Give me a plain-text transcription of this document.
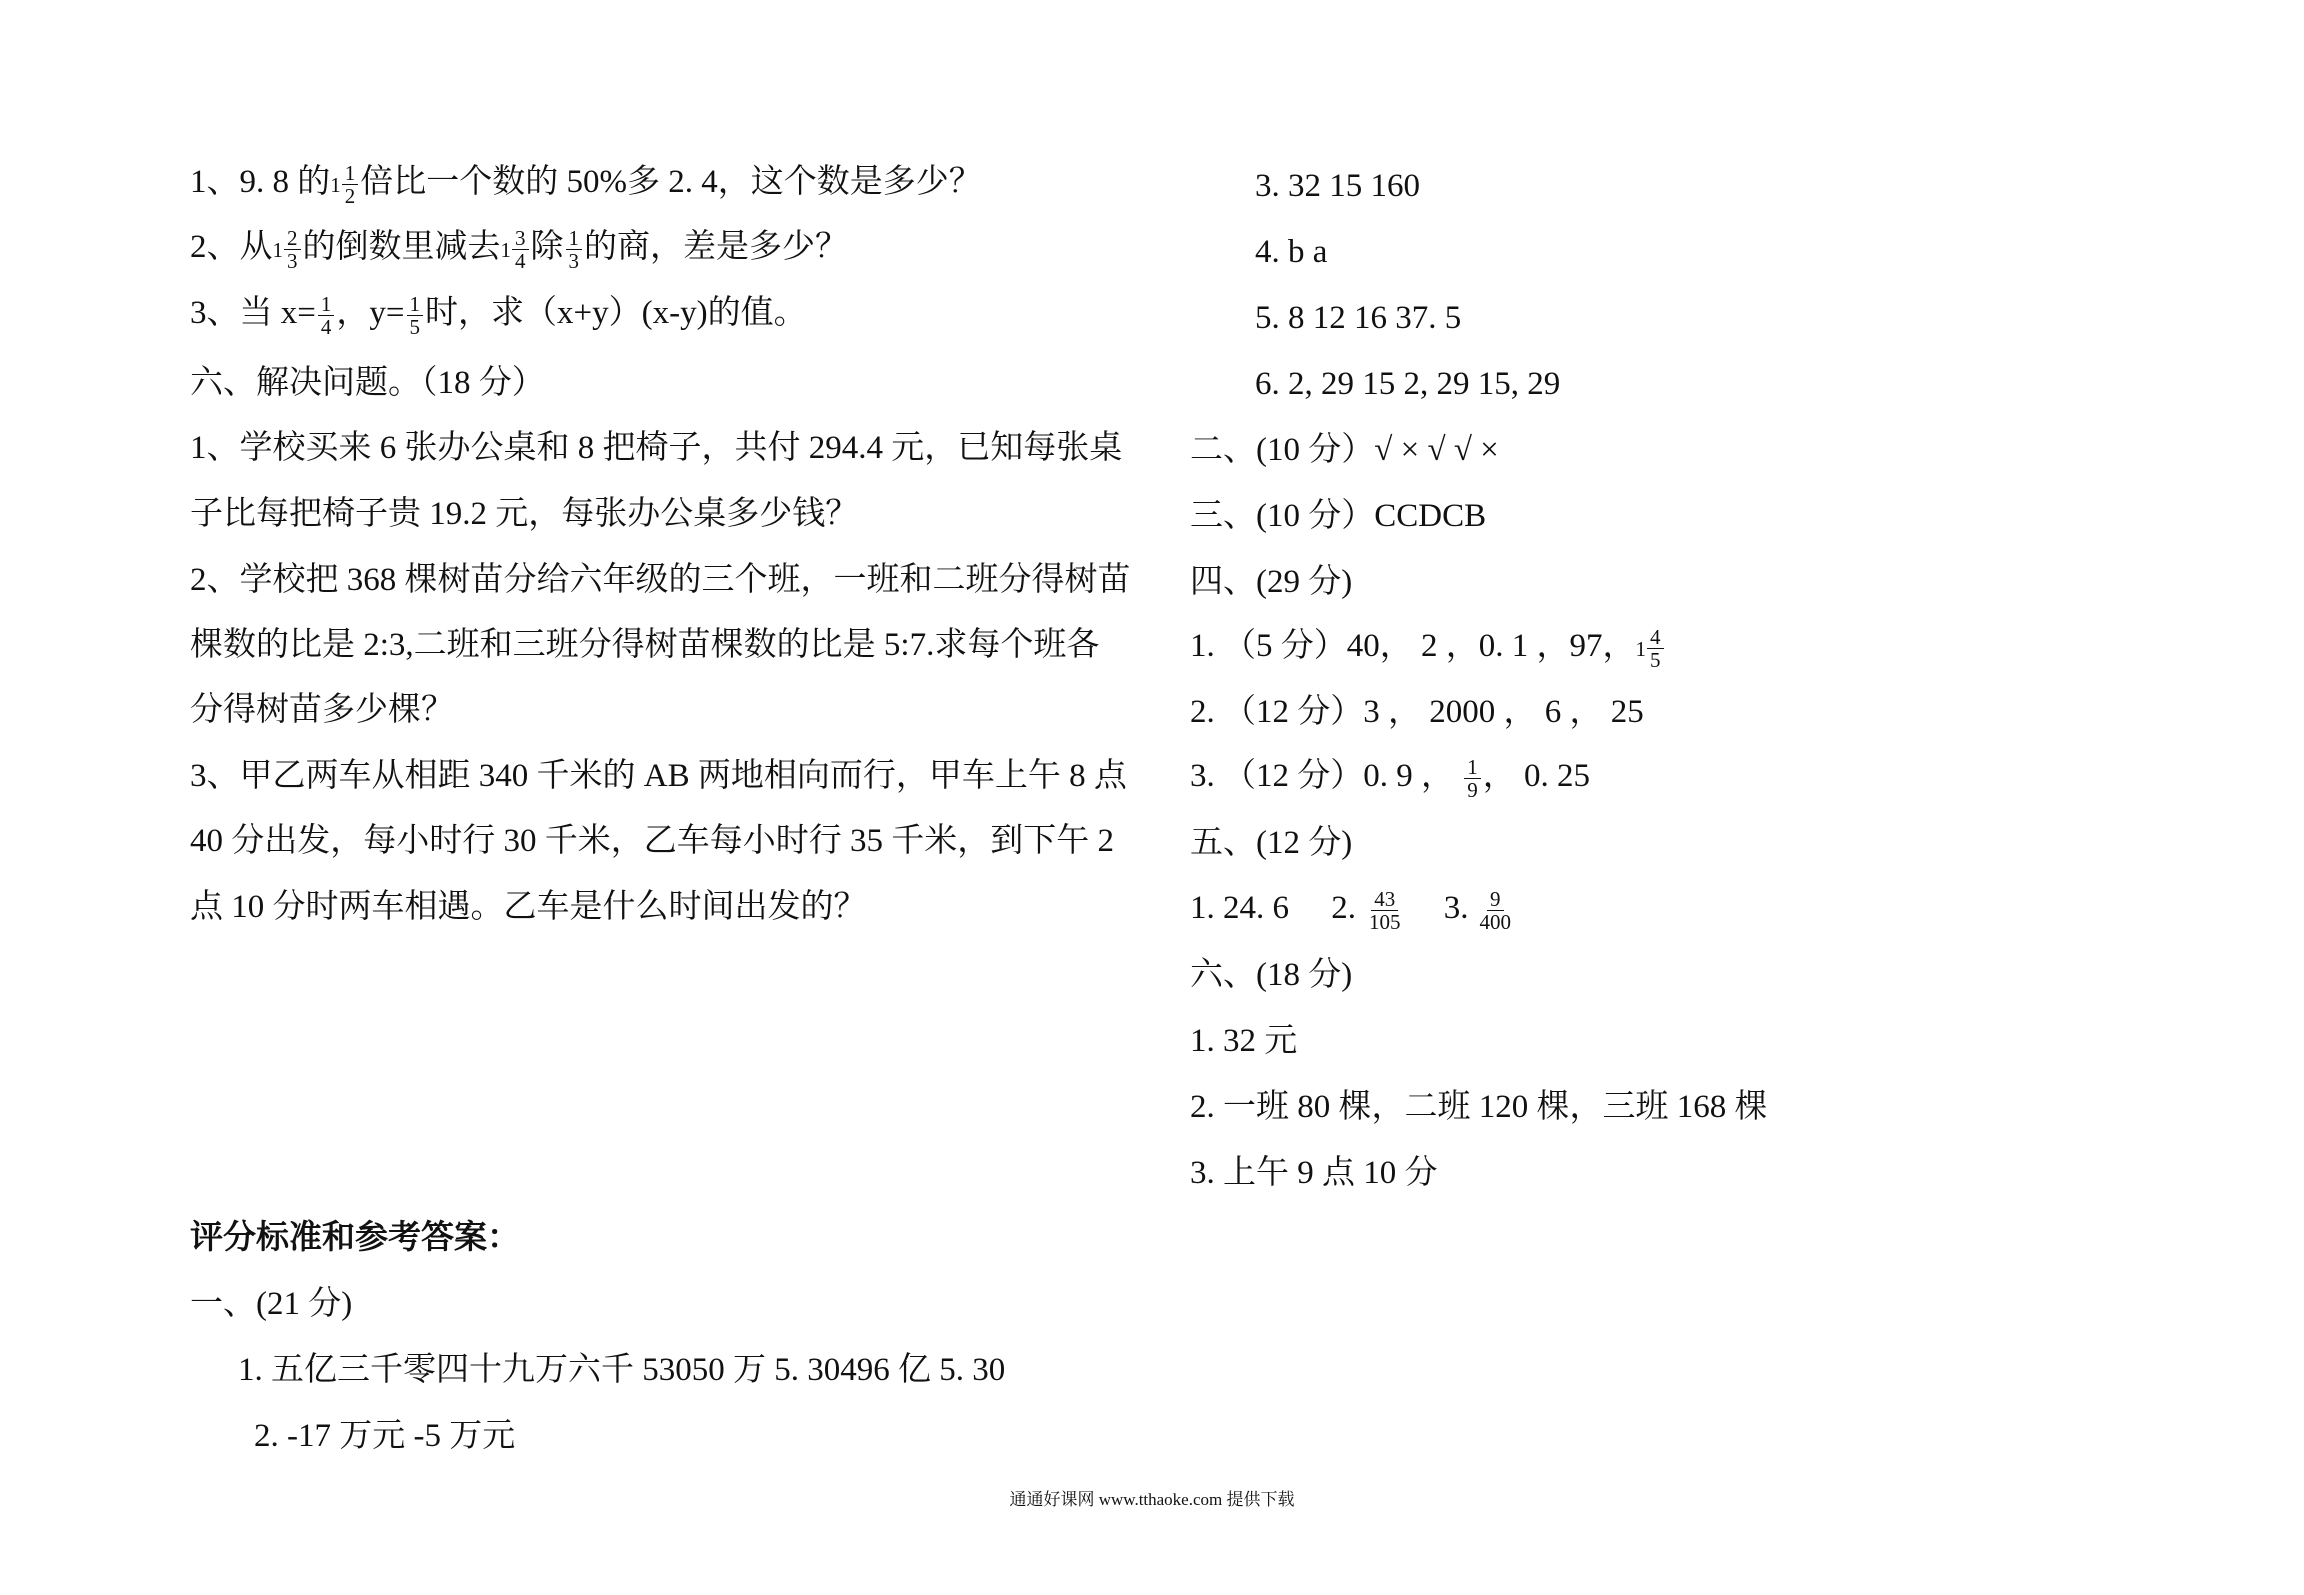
1、9. 8 的$1 \frac{1}{2}$ 倍比一个数的 50%多 2. 4，这个数是多少？
2、从$1 \frac{2}{3}$ 的倒数里减去$1 \frac{3}{4}$ 除 $\frac{1}{3}$ 的商，差是多少？
3、当 $x= \frac{1}{4}$ ，$y= \frac{1}{5}$ 时，求（x+y）(x-y)的值。
六、解决问题。（18 分）
1、学校买来 6 张办公桌和 8 把椅子，共付 294.4 元，已知每张桌
子比每把椅子贵 19.2 元，每张办公桌多少钱？
2、学校把 368 棵树苗分给六年级的三个班，一班和二班分得树苗
棵数的比是 2:3,二班和三班分得树苗棵数的比是 5:7.求每个班各
分得树苗多少棵？
3、甲乙两车从相距 340 千米的 AB 两地相向而行，甲车上午 8 点
40 分出发，每小时行 30 千米，乙车每小时行 35 千米，到下午 2
点 10 分时两车相遇。乙车是什么时间出发的？
评分标准和参考答案：
一、(21 分)
1. 五亿三千零四十九万六千 53050 万 5. 30496 亿 5. 30
2. -17 万元 -5 万元
3. 32 15 160
4. b a
5. 8 12 16 37. 5
6. 2, 29 15 2, 29 15, 29
二、(10 分）√ × √ √ ×
三、(10 分）CCDCB
四、(29 分)
1. （5 分）40， 2 ，0. 1 ，97，$1 \frac{4}{5}$
2. （12 分）3 ， 2000 ， 6 ， 25
3. （12 分）0. 9 ， $\frac{1}{9}$ ， 0. 25
五、(12 分)
1. 24. 6 2. $\frac{43}{105} 3$. $\frac{9}{400}$
六、(18 分)
1. 32 元
2. 一班 80 棵，二班 120 棵，三班 168 棵
3. 上午 9 点 10 分
通通好课网 www.tthaoke.com 提供下载
